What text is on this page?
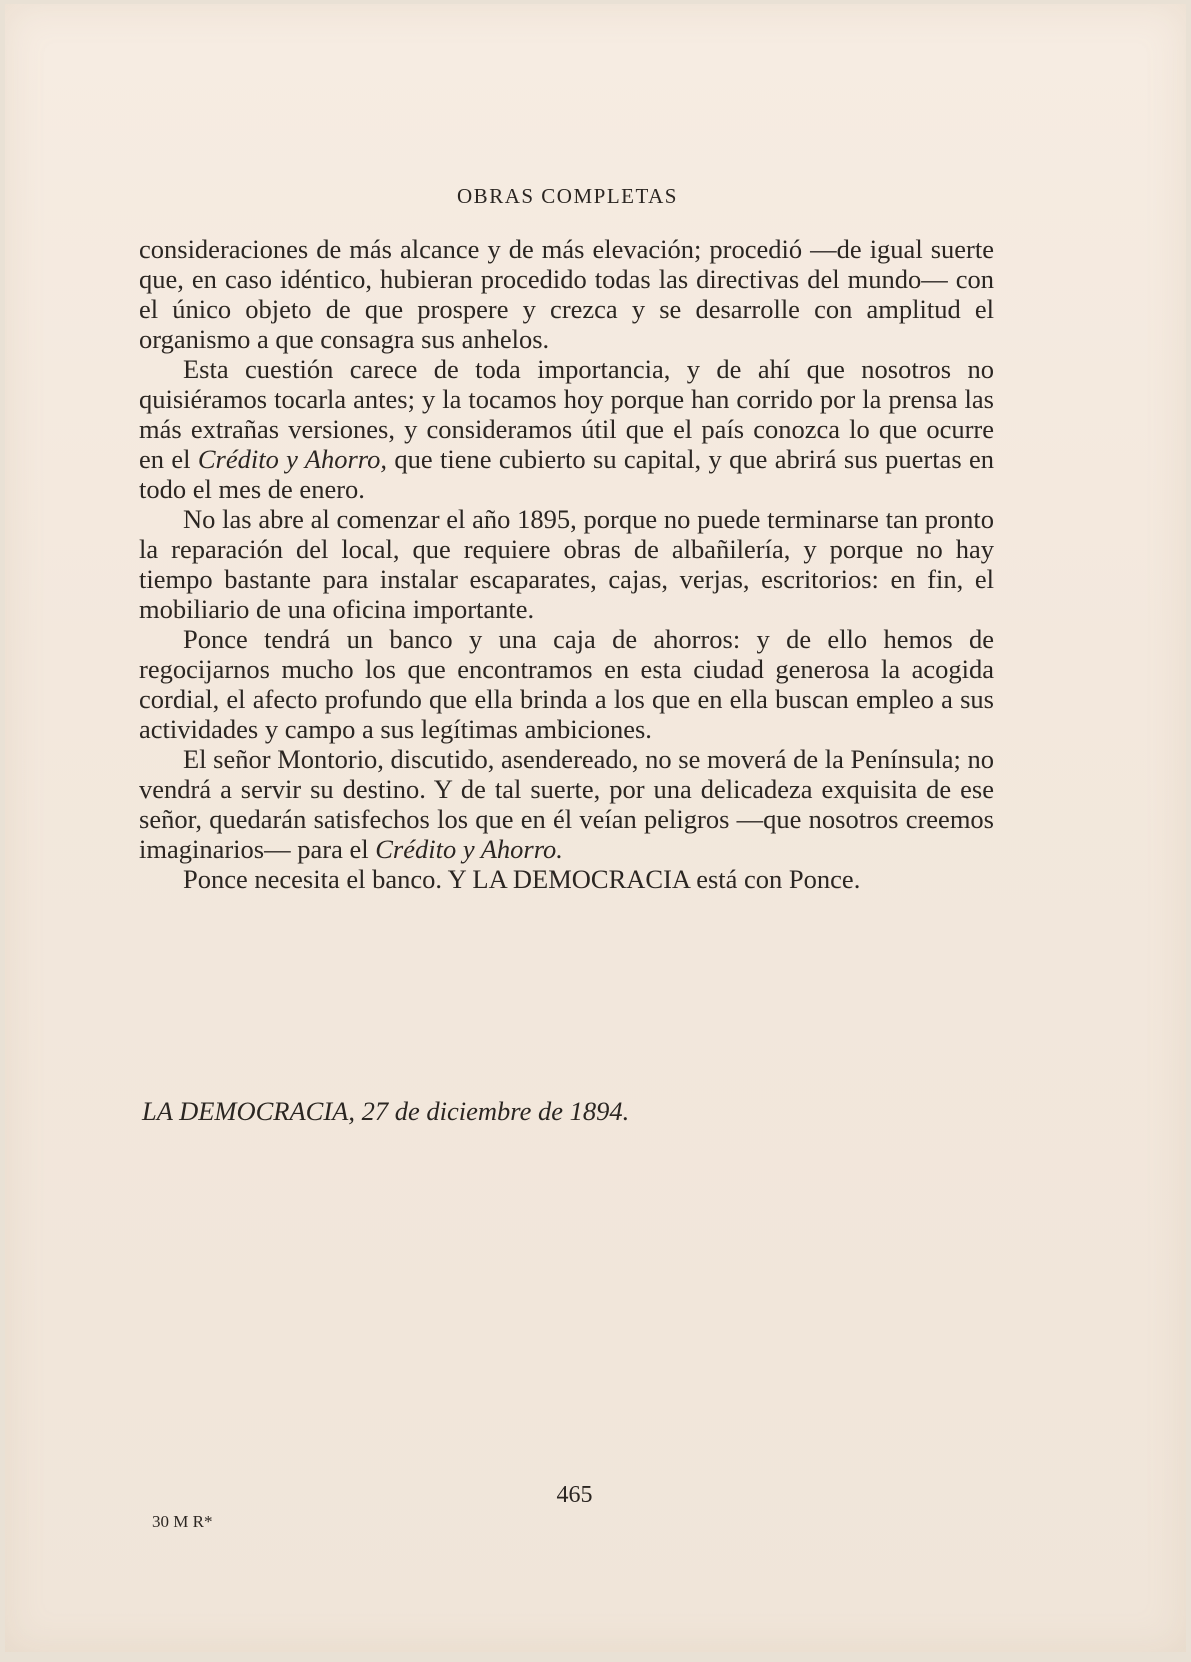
OBRAS COMPLETAS

consideraciones de más alcance y de más elevación; procedió —de igual suerte que, en caso idéntico, hubieran procedido todas las directivas del mundo— con el único objeto de que prospere y crezca y se desarrolle con amplitud el organismo a que consagra sus anhelos.

Esta cuestión carece de toda importancia, y de ahí que nosotros no quisiéramos tocarla antes; y la tocamos hoy porque han corrido por la prensa las más extrañas versiones, y consideramos útil que el país conozca lo que ocurre en el Crédito y Ahorro, que tiene cubierto su capital, y que abrirá sus puertas en todo el mes de enero.

No las abre al comenzar el año 1895, porque no puede terminarse tan pronto la reparación del local, que requiere obras de albañilería, y porque no hay tiempo bastante para instalar escaparates, cajas, verjas, escritorios: en fin, el mobiliario de una oficina importante.

Ponce tendrá un banco y una caja de ahorros: y de ello hemos de regocijarnos mucho los que encontramos en esta ciudad generosa la acogida cordial, el afecto profundo que ella brinda a los que en ella buscan empleo a sus actividades y campo a sus legítimas ambiciones.

El señor Montorio, discutido, asendereado, no se moverá de la Península; no vendrá a servir su destino. Y de tal suerte, por una delicadeza exquisita de ese señor, quedarán satisfechos los que en él veían peligros —que nosotros creemos imaginarios— para el Crédito y Ahorro.

Ponce necesita el banco. Y LA DEMOCRACIA está con Ponce.

LA DEMOCRACIA, 27 de diciembre de 1894.
465
30 M R*
